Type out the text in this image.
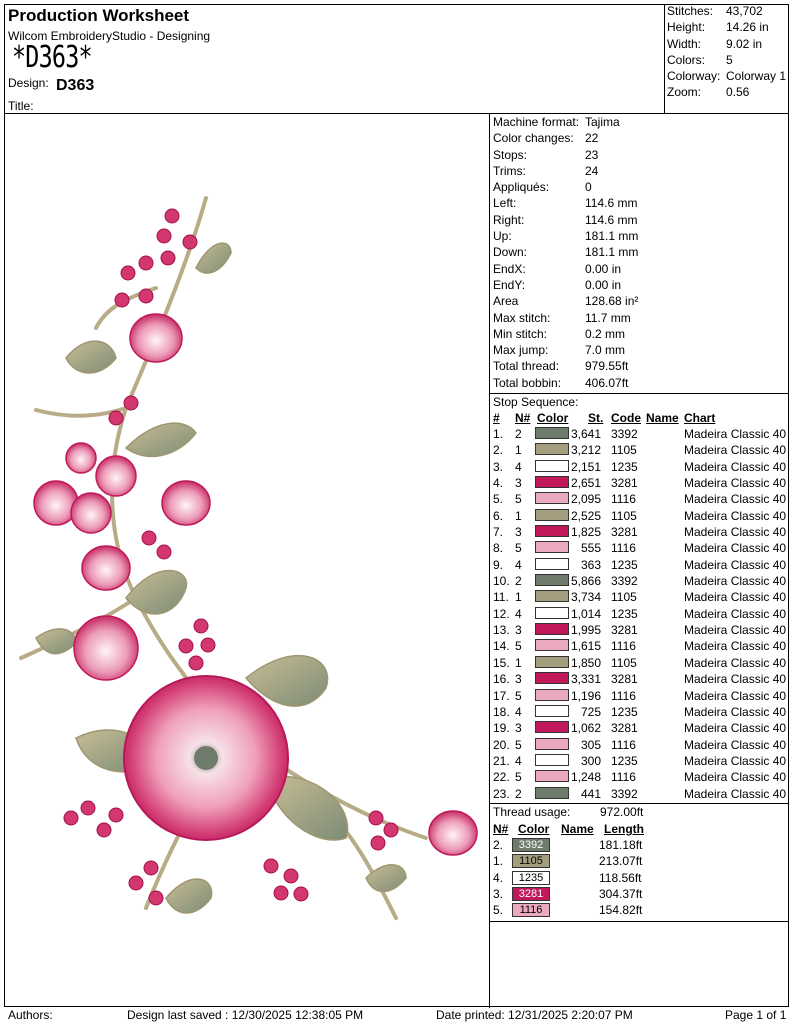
Production Worksheet
Wilcom EmbroideryStudio - Designing
*D363*
Design: D363
Title:
Stitches:	43,702
Height:	14.26 in
Width:	9.02 in
Colors:	5
Colorway: Colorway 1
Zoom:	0.56
Machine format: Tajima
Color changes: 22
Stops:	23
Trims:	24
Appliqués:	0
Left:	114.6 mm
Right:	114.6 mm
Up:	181.1 mm
Down:	181.1 mm
EndX:	0.00 in
EndY:	0.00 in
Area	128.68 in²
Max stitch:	11.7 mm
Min stitch:	0.2 mm
Max jump:	7.0 mm
Total thread:	979.55ft
Total bobbin:	406.07ft
Stop Sequence:
# N# Color St. Code Name Chart
1. 2	3,641 3392	Madeira Classic 40
2. 1	3,212 1105	Madeira Classic 40
3. 4	2,151 1235	Madeira Classic 40
4. 3	2,651 3281	Madeira Classic 40
5. 5	2,095 1116	Madeira Classic 40
6. 1	2,525 1105	Madeira Classic 40
7. 3	1,825 3281	Madeira Classic 40
8. 5	555 1116	Madeira Classic 40
9. 4	363 1235	Madeira Classic 40
10. 2	5,866 3392	Madeira Classic 40
11. 1	3,734 1105	Madeira Classic 40
12. 4	1,014 1235	Madeira Classic 40
13. 3	1,995 3281	Madeira Classic 40
14. 5	1,615 1116	Madeira Classic 40
15. 1	1,850 1105	Madeira Classic 40
16. 3	3,331 3281	Madeira Classic 40
17. 5	1,196 1116	Madeira Classic 40
18. 4	725 1235	Madeira Classic 40
19. 3	1,062 3281	Madeira Classic 40
20. 5	305 1116	Madeira Classic 40
21. 4	300 1235	Madeira Classic 40
22. 5	1,248 1116	Madeira Classic 40
23. 2	441 3392	Madeira Classic 40
Thread usage: 972.00ft
N# Color Name Length
2.	3392	181.18ft
1.	1105	213.07ft
4.	1235	118.56ft
3.	3281	304.37ft
5.	1116	154.82ft
Authors:	Design last saved : 12/30/2025 12:38:05 PM	Date printed: 12/31/2025 2:20:07 PM	Page 1 of 1
